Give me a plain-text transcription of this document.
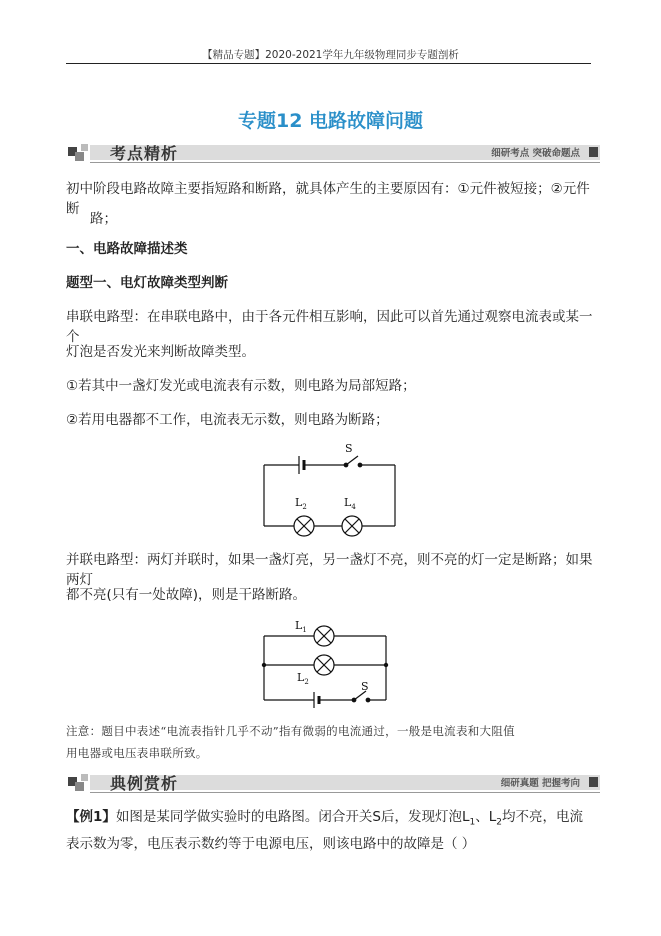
【精品专题】2020-2021学年九年级物理同步专题剖析
专题12 电路故障问题
考点精析	细研考点 突破命题点
初中阶段电路故障主要指短路和断路，就具体产生的主要原因有：①元件被短接；②元件断
路；
一、电路故障描述类
题型一、电灯故障类型判断
串联电路型：在串联电路中，由于各元件相互影响，因此可以首先通过观察电流表或某一个
灯泡是否发光来判断故障类型。
①若其中一盏灯发光或电流表有示数，则电路为局部短路；
②若用电器都不工作，电流表无示数，则电路为断路；
S
$L_2$	$L_4$
并联电路型：两灯并联时，如果一盏灯亮，另一盏灯不亮，则不亮的灯一定是断路；如果两灯
都不亮(只有一处故障)，则是干路断路。
$L_1$
$L_2$	S
注意：题目中表述“电流表指针几乎不动”指有微弱的电流通过，一般是电流表和大阻值
用电器或电压表串联所致。
典例赏析	细研真题 把握考向
【例1】如图是某同学做实验时的电路图。闭合开关S后，发现灯泡$L_1$、$L_2$均不亮，电流
表示数为零，电压表示数约等于电源电压，则该电路中的故障是（ ）
